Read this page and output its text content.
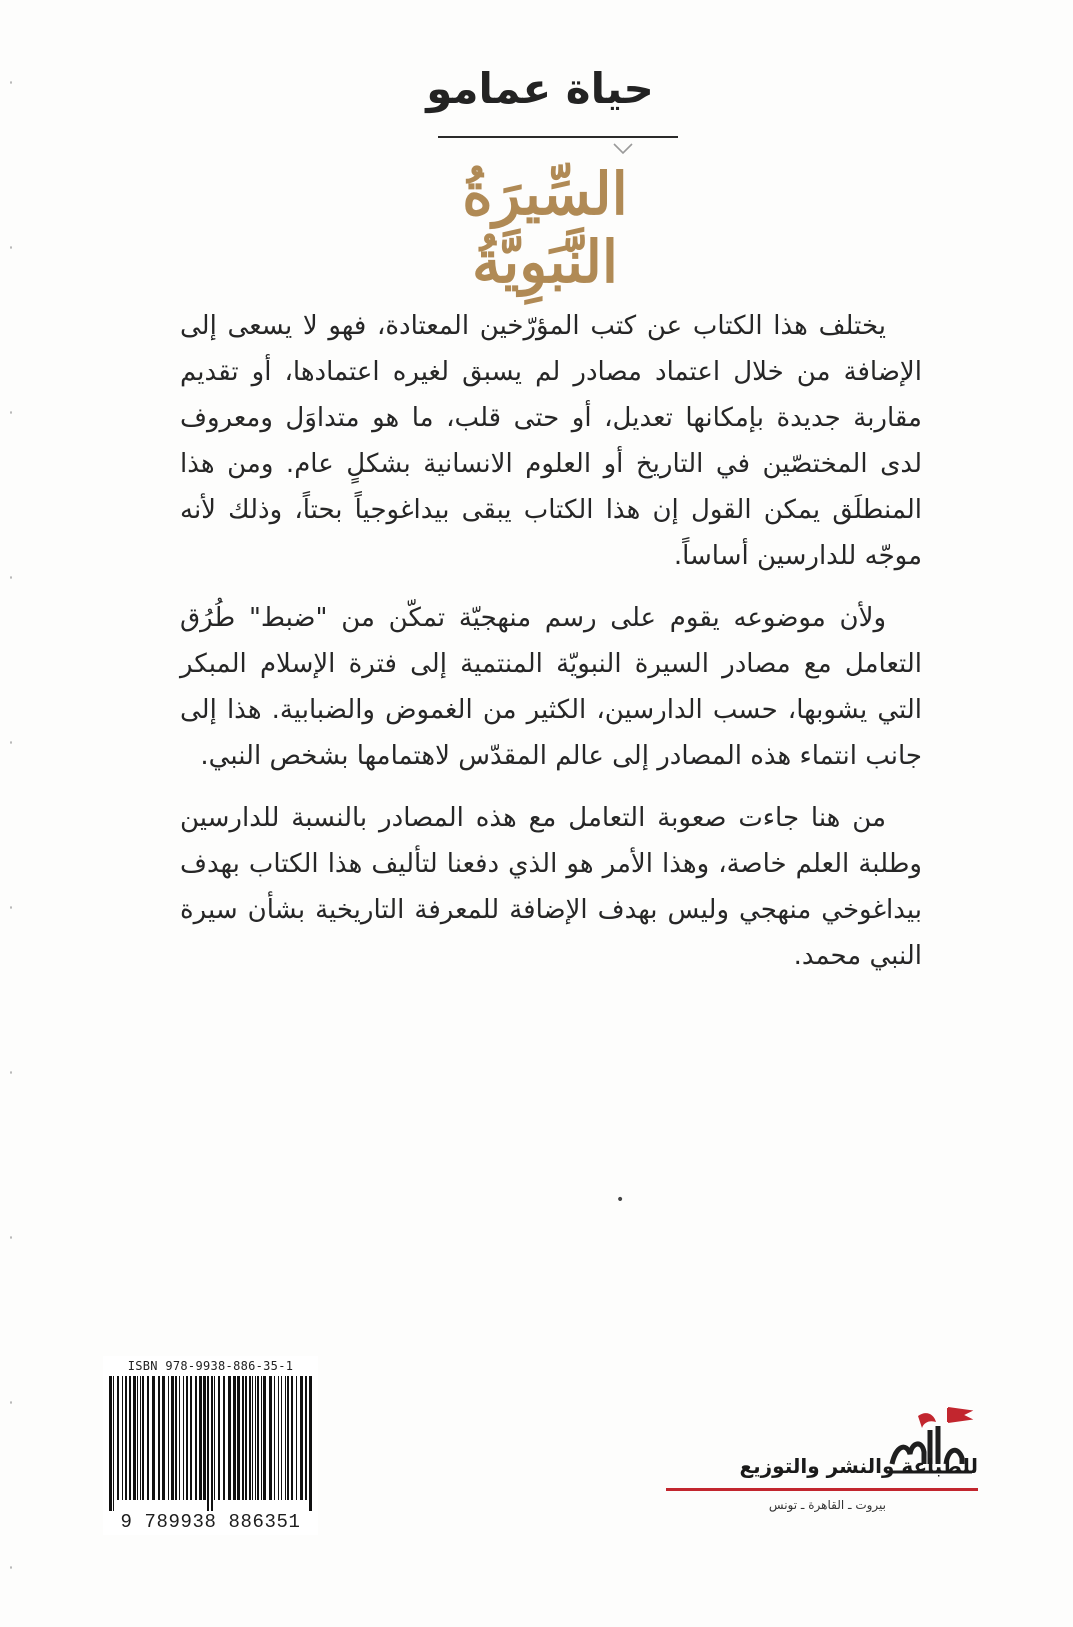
حياة عمامو
السِّيرَةُ النَّبَوِيَّةُ

يختلف هذا الكتاب عن كتب المؤرّخين المعتادة، فهو لا يسعى إلى الإضافة من خلال اعتماد مصادر لم يسبق لغيره اعتمادها، أو تقديم مقاربة جديدة بإمكانها تعديل، أو حتى قلب، ما هو متداوَل ومعروف لدى المختصّين في التاريخ أو العلوم الانسانية بشكلٍ عام. ومن هذا المنطلَق يمكن القول إن هذا الكتاب يبقى بيداغوجياً بحتاً، وذلك لأنه موجّه للدارسين أساساً.

ولأن موضوعه يقوم على رسم منهجيّة تمكّن من "ضبط" طُرُق التعامل مع مصادر السيرة النبويّة المنتمية إلى فترة الإسلام المبكر التي يشوبها، حسب الدارسين، الكثير من الغموض والضبابية. هذا إلى جانب انتماء هذه المصادر إلى عالم المقدّس لاهتمامها بشخص النبي.

من هنا جاءت صعوبة التعامل مع هذه المصادر بالنسبة للدارسين وطلبة العلم خاصة، وهذا الأمر هو الذي دفعنا لتأليف هذا الكتاب بهدف بيداغوخي منهجي وليس بهدف الإضافة للمعرفة التاريخية بشأن سيرة النبي محمد.

•
ISBN 978-9938-886-35-1
9 789938 886351
للطباعة والنشر والتوزيع
بيروت ـ القاهرة ـ تونس
